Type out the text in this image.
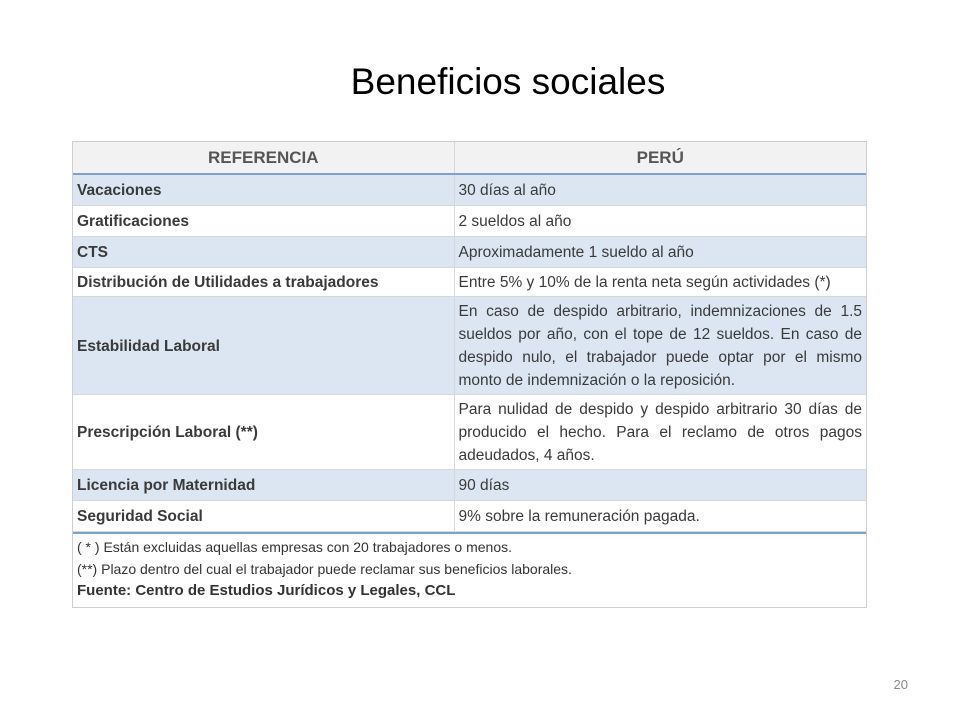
Beneficios sociales
REFERENCIA	PERÚ
Vacaciones	30 días al año
Gratificaciones	2 sueldos al año
CTS	Aproximadamente 1 sueldo al año
Distribución de Utilidades a trabajadores	Entre 5% y 10% de la renta neta según actividades (*)
Estabilidad Laboral	En caso de despido arbitrario, indemnizaciones de 1.5 sueldos por año, con el tope de 12 sueldos. En caso de despido nulo, el trabajador puede optar por el mismo monto de indemnización o la reposición.
Prescripción Laboral (**)	Para nulidad de despido y despido arbitrario 30 días de producido el hecho. Para el reclamo de otros pagos adeudados, 4 años.
Licencia por Maternidad	90 días
Seguridad Social	9% sobre la remuneración pagada.
( * ) Están excluidas aquellas empresas con 20 trabajadores o menos.
(**) Plazo dentro del cual el trabajador puede reclamar sus beneficios laborales.
Fuente: Centro de Estudios Jurídicos y Legales, CCL
20
